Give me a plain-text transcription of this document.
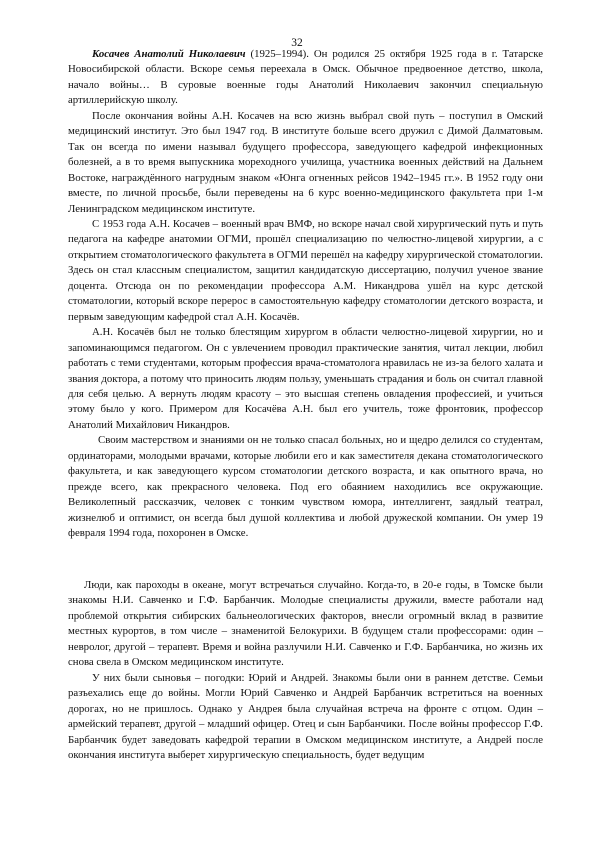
32

Косачев Анатолий Николаевич (1925–1994). Он родился 25 октября 1925 года в г. Татарске Новосибирской области. Вскоре семья переехала в Омск. Обычное предвоенное детство, школа, начало войны… В суровые военные годы Анатолий Николаевич закончил специальную артиллерийскую школу.

После окончания войны А.Н. Косачев на всю жизнь выбрал свой путь – поступил в Омский медицинский институт. Это был 1947 год. В институте больше всего дружил с Димой Далматовым. Так он всегда по имени называл будущего профессора, заведующего кафедрой инфекционных болезней, а в то время выпускника мореходного училища, участника военных действий на Дальнем Востоке, награждённого нагрудным знаком «Юнга огненных рейсов 1942–1945 гг.». В 1952 году они вместе, по личной просьбе, были переведены на 6 курс военно-медицинского факультета при 1-м Ленинградском медицинском институте.

С 1953 года А.Н. Косачев – военный врач ВМФ, но вскоре начал свой хирургический путь и путь педагога на кафедре анатомии ОГМИ, прошёл специализацию по челюстно-лицевой хирургии, а с открытием стоматологического факультета в ОГМИ перешёл на кафедру хирургической стоматологии. Здесь он стал классным специалистом, защитил кандидатскую диссертацию, получил ученое звание доцента. Отсюда он по рекомендации профессора А.М. Никандрова ушёл на курс детской стоматологии, который вскоре перерос в самостоятельную кафедру стоматологии детского возраста, и первым заведующим кафедрой стал А.Н. Косачёв.

А.Н. Косачёв был не только блестящим хирургом в области челюстно-лицевой хирургии, но и запоминающимся педагогом. Он с увлечением проводил практические занятия, читал лекции, любил работать с теми студентами, которым профессия врача-стоматолога нравилась не из-за белого халата и звания доктора, а потому что приносить людям пользу, уменьшать страдания и боль он считал главной для себя целью. А вернуть людям красоту – это высшая степень овладения профессией, и учиться этому было у кого. Примером для Косачёва А.Н. был его учитель, тоже фронтовик, профессор Анатолий Михайлович Никандров.

Своим мастерством и знаниями он не только спасал больных, но и щедро делился со студентам, ординаторами, молодыми врачами, которые любили его и как заместителя декана стоматологического факультета, и как заведующего курсом стоматологии детского возраста, и как опытного врача, но прежде всего, как прекрасного человека. Под его обаянием находились все окружающие. Великолепный рассказчик, человек с тонким чувством юмора, интеллигент, заядлый театрал, жизнелюб и оптимист, он всегда был душой коллектива и любой дружеской компании. Он умер 19 февраля 1994 года, похоронен в Омске.

Люди, как пароходы в океане, могут встречаться случайно. Когда-то, в 20-е годы, в Томске были знакомы Н.И. Савченко и Г.Ф. Барбанчик. Молодые специалисты дружили, вместе работали над проблемой открытия сибирских бальнеологических факторов, внесли огромный вклад в развитие местных курортов, в том числе – знаменитой Белокурихи. В будущем стали профессорами: один – невролог, другой – терапевт. Время и война разлучили Н.И. Савченко и Г.Ф. Барбанчика, но жизнь их снова свела в Омском медицинском институте.

У них были сыновья – погодки: Юрий и Андрей. Знакомы были они в раннем детстве. Семьи разъехались еще до войны. Могли Юрий Савченко и Андрей Барбанчик встретиться на военных дорогах, но не пришлось. Однако у Андрея была случайная встреча на фронте с отцом. Один – армейский терапевт, другой – младший офицер. Отец и сын Барбанчики. После войны профессор Г.Ф. Барбанчик будет заведовать кафедрой терапии в Омском медицинском институте, а Андрей после окончания института выберет хирургическую специальность, будет ведущим
